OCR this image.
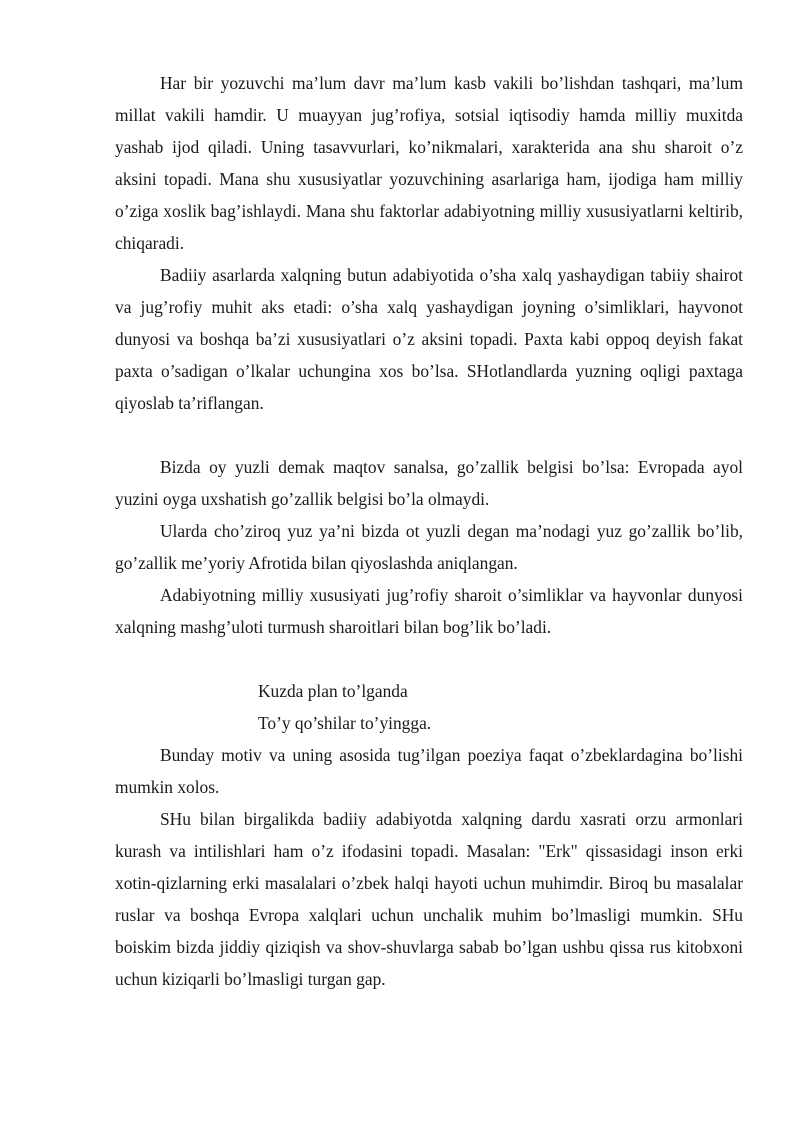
Har bir yozuvchi ma’lum davr ma’lum kasb vakili bo’lishdan tashqari, ma’lum millat vakili hamdir. U muayyan jug’rofiya, sotsial iqtisodiy hamda milliy muxitda yashab ijod qiladi. Uning tasavvurlari, ko’nikmalari, xarakterida ana shu sharoit o’z aksini topadi. Mana shu xususiyatlar yozuvchining asarlariga ham, ijodiga ham milliy o’ziga xoslik bag’ishlaydi. Mana shu faktorlar adabiyotning milliy xususiyatlarni keltirib, chiqaradi.

Badiiy asarlarda xalqning butun adabiyotida o’sha xalq yashaydigan tabiiy shairot va jug’rofiy muhit aks etadi: o’sha xalq yashaydigan joyning o’simliklari, hayvonot dunyosi va boshqa ba’zi xususiyatlari o’z aksini topadi. Paxta kabi oppoq deyish fakat paxta o’sadigan o’lkalar uchungina xos bo’lsa. SHotlandlarda yuzning oqligi paxtaga qiyoslab ta’riflangan.

Bizda oy yuzli demak maqtov sanalsa, go’zallik belgisi bo’lsa: Evropada ayol yuzini oyga uxshatish go’zallik belgisi bo’la olmaydi.

Ularda cho’ziroq yuz ya’ni bizda ot yuzli degan ma’nodagi yuz go’zallik bo’lib, go’zallik me’yoriy Afrotida bilan qiyoslashda aniqlangan.

Adabiyotning milliy xususiyati jug’rofiy sharoit o’simliklar va hayvonlar dunyosi xalqning mashg’uloti turmush sharoitlari bilan bog’lik bo’ladi.

Kuzda plan to’lganda
To’y qo’shilar to’yingga.

Bunday motiv va uning asosida tug’ilgan poeziya faqat o’zbeklardagina bo’lishi mumkin xolos.

SHu bilan birgalikda badiiy adabiyotda xalqning dardu xasrati orzu armonlari kurash va intilishlari ham o’z ifodasini topadi. Masalan: "Erk" qissasidagi inson erki xotin-qizlarning erki masalalari o’zbek halqi hayoti uchun muhimdir. Biroq bu masalalar ruslar va boshqa Evropa xalqlari uchun unchalik muhim bo’lmasligi mumkin. SHu boiskim bizda jiddiy qiziqish va shov-shuvlarga sabab bo’lgan ushbu qissa rus kitobxoni uchun kiziqarli bo’lmasligi turgan gap.
